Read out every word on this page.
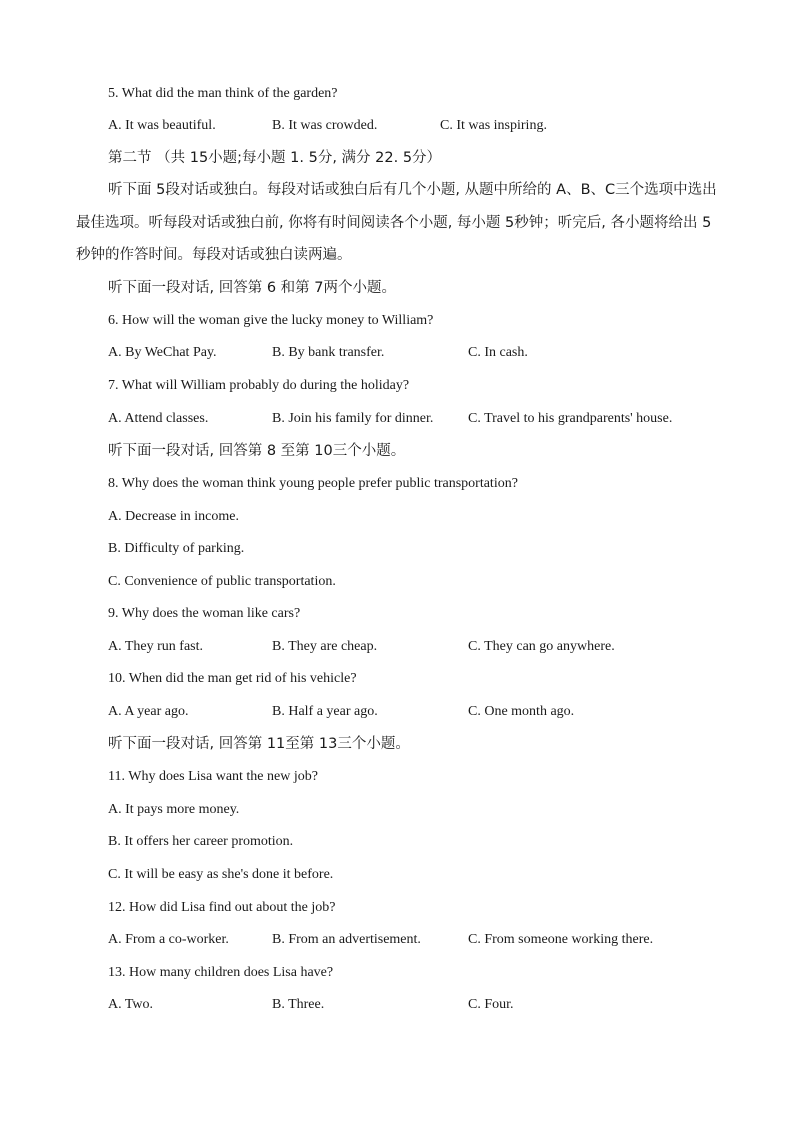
5. What did the man think of the garden?
A. It was beautiful.	B. It was crowded.	C. It was inspiring.
第二节 （共 15小题;每小题 1. 5分, 满分 22. 5分）

听下面 5段对话或独白。每段对话或独白后有几个小题, 从题中所给的 A、B、C三个选项中选出最佳选项。听每段对话或独白前, 你将有时间阅读各个小题, 每小题 5秒钟；听完后, 各小题将给出 5秒钟的作答时间。每段对话或独白读两遍。

听下面一段对话, 回答第 6 和第 7两个小题。
6. How will the woman give the lucky money to William?
A. By WeChat Pay.	B. By bank transfer.	C. In cash.
7. What will William probably do during the holiday?
A. Attend classes.	B. Join his family for dinner. C. Travel to his grandparents' house.
听下面一段对话, 回答第 8 至第 10三个小题。
8. Why does the woman think young people prefer public transportation?
A. Decrease in income.
B. Difficulty of parking.
C. Convenience of public transportation.
9. Why does the woman like cars?
A. They run fast.	B. They are cheap.	C. They can go anywhere.
10. When did the man get rid of his vehicle?
A. A year ago.	B. Half a year ago.	C. One month ago.
听下面一段对话, 回答第 11至第 13三个小题。
11. Why does Lisa want the new job?
A. It pays more money.
B. It offers her career promotion.
C. It will be easy as she's done it before.
12. How did Lisa find out about the job?
A. From a co-worker.	B. From an advertisement.	C. From someone working there.
13. How many children does Lisa have?
A. Two.	B. Three.	C. Four.
